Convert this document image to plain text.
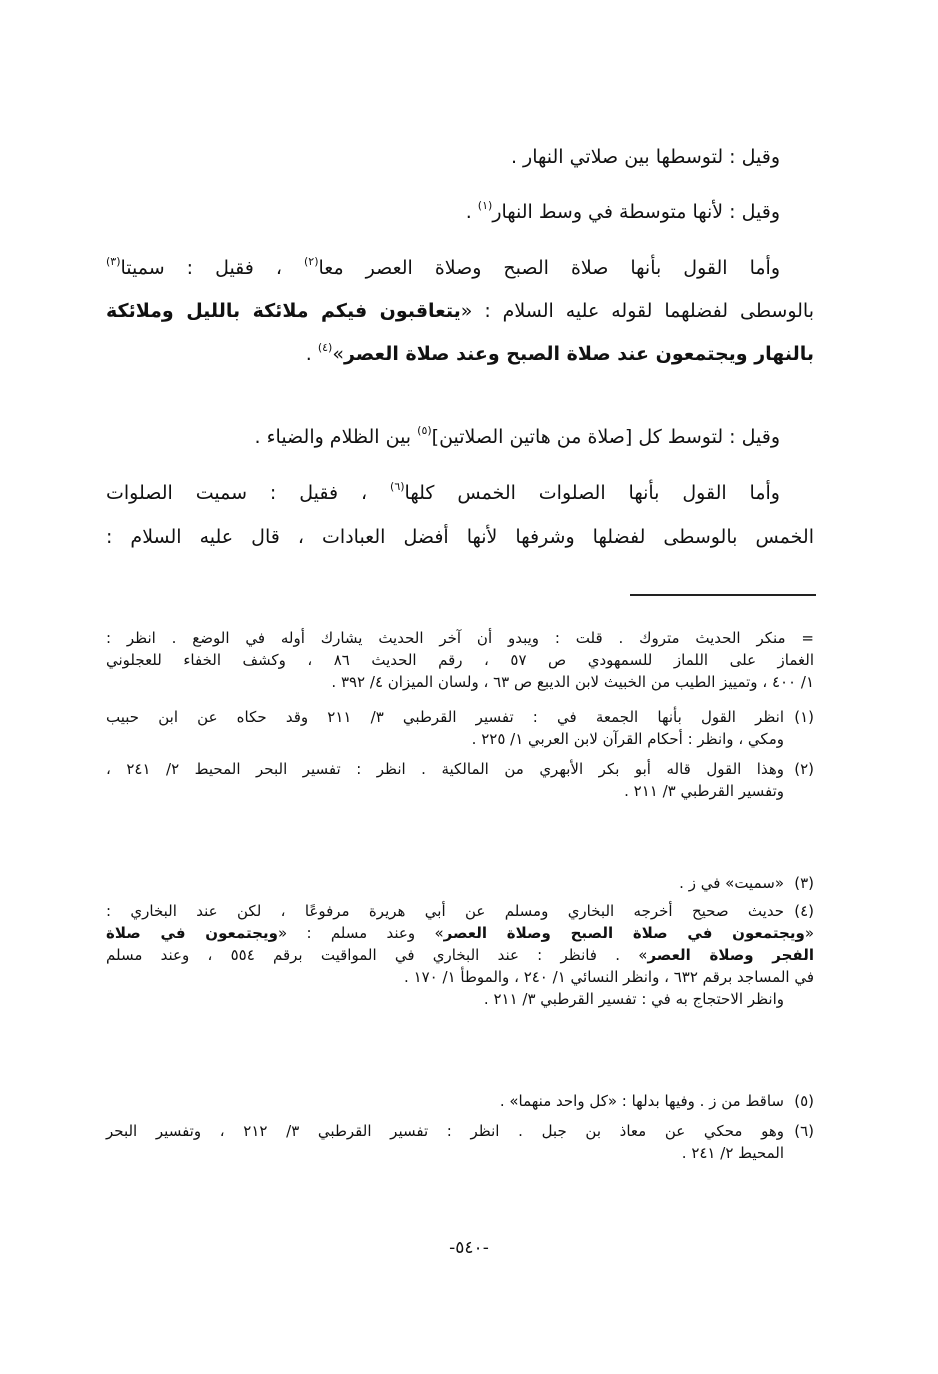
وقيل : لتوسطها بين صلاتي النهار .
وقيل : لأنها متوسطة في وسط النهار$^{(١)}$ .
وأما القول بأنها صلاة الصبح وصلاة العصر معا$^{(٢)}$ ، فقيل : سميتا$^{(٣)}$
بالوسطى لفضلهما لقوله عليه السلام : «يتعاقبون فيكم ملائكة بالليل وملائكة
بالنهار ويجتمعون عند صلاة الصبح وعند صلاة العصر»$^{(٤)}$ .
وقيل : لتوسط كل [صلاة من هاتين الصلاتين]$^{(٥)}$ بين الظلام والضياء .
وأما القول بأنها الصلوات الخمس كلها$^{(٦)}$ ، فقيل : سميت الصلوات
الخمس بالوسطى لفضلها وشرفها لأنها أفضل العبادات ، قال عليه السلام :
= منكر الحديث متروك . قلت : ويبدو أن آخر الحديث يشارك أوله في الوضع . انظر :
الغماز على اللماز للسمهودي ص ٥٧ ، رقم الحديث ٨٦ ، وكشف الخفاء للعجلوني
١/ ٤٠٠ ، وتمييز الطيب من الخبيث لابن الديبع ص ٦٣ ، ولسان الميزان ٤/ ٣٩٢ .
(١)
انظر القول بأنها الجمعة في : تفسير القرطبي ٣/ ٢١١ وقد حكاه عن ابن حبيب
ومكي ، وانظر : أحكام القرآن لابن العربي ١/ ٢٢٥ .
(٢)
وهذا القول قاله أبو بكر الأبهري من المالكية . انظر : تفسير البحر المحيط ٢/ ٢٤١ ،
وتفسير القرطبي ٣/ ٢١١ .
(٣)
«سميت» في ز .
(٤)
حديث صحيح أخرجه البخاري ومسلم عن أبي هريرة مرفوعًا ، لكن عند البخاري :
«ويجتمعون في صلاة الصبح وصلاة العصر» وعند مسلم : «ويجتمعون في صلاة
الفجر وصلاة العصر» . فانظر : عند البخاري في المواقيت برقم ٥٥٤ ، وعند مسلم
في المساجد برقم ٦٣٢ ، وانظر النسائي ١/ ٢٤٠ ، والموطأ ١/ ١٧٠ .
وانظر الاحتجاج به في : تفسير القرطبي ٣/ ٢١١ .
(٥)
ساقط من ز . وفيها بدلها : «كل واحد منهما» .
(٦)
وهو محكي عن معاذ بن جبل . انظر : تفسير القرطبي ٣/ ٢١٢ ، وتفسير البحر
المحيط ٢/ ٢٤١ .
-٥٤٠-
